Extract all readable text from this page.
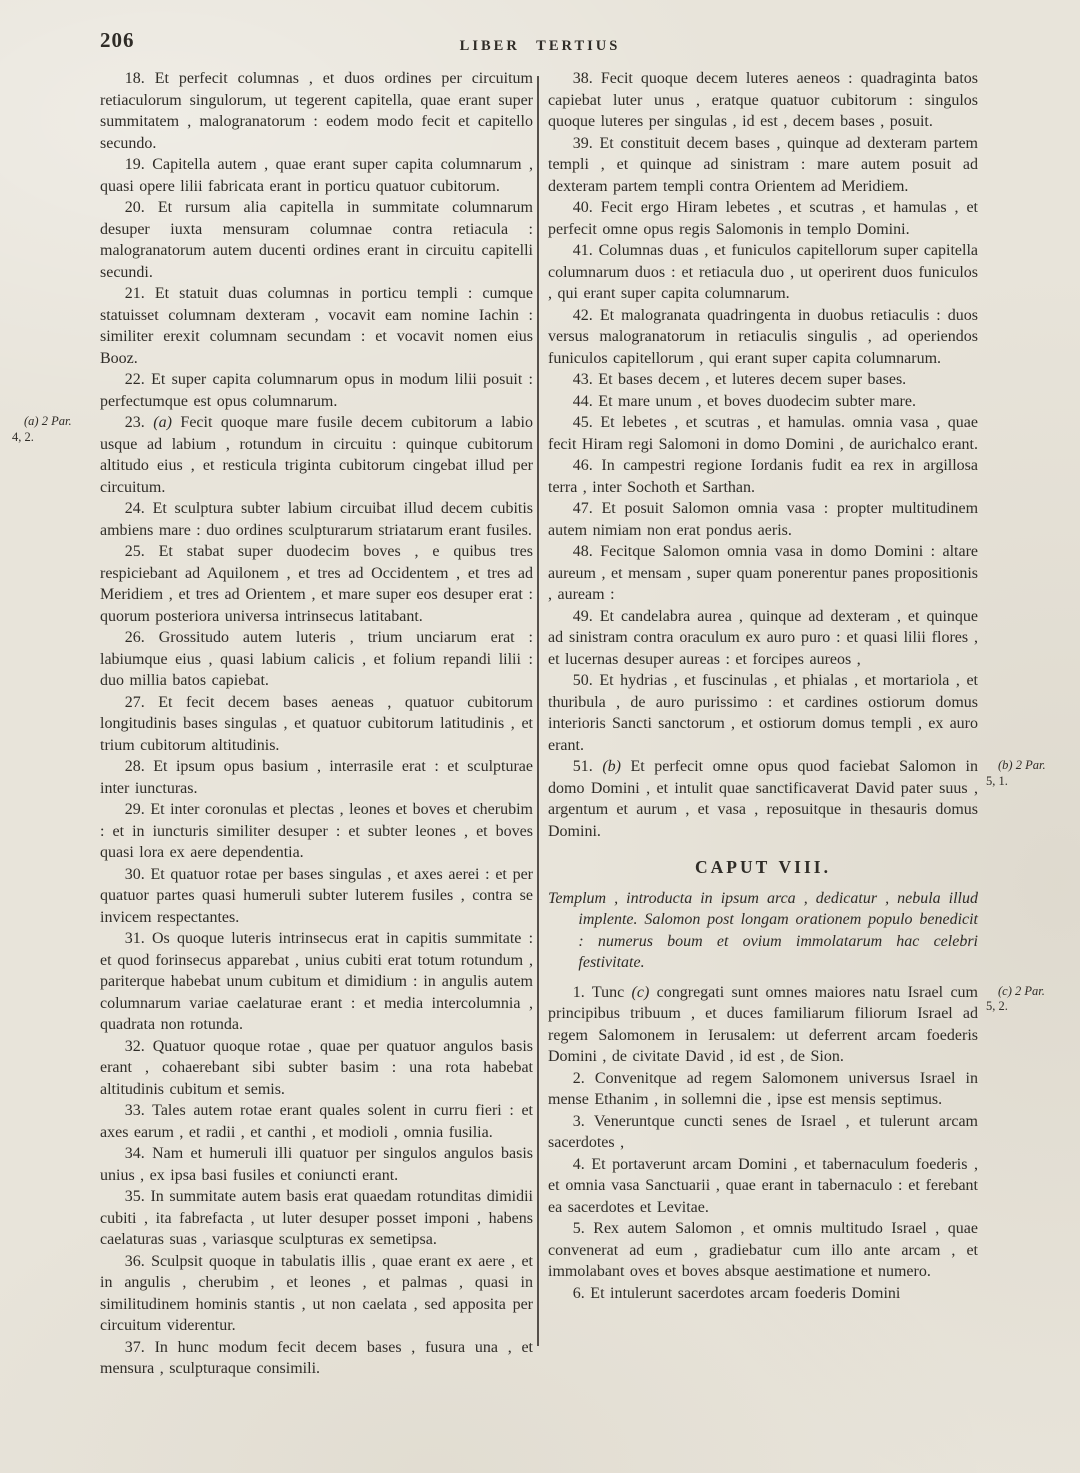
206	LIBER TERTIUS

18. Et perfecit columnas , et duos ordines per circuitum retiaculorum singulorum, ut tegerent capitella, quae erant super summitatem , malogranatorum : eodem modo fecit et capitello secundo.

19. Capitella autem , quae erant super capita columnarum , quasi opere lilii fabricata erant in porticu quatuor cubitorum.

20. Et rursum alia capitella in summitate columnarum desuper iuxta mensuram columnae contra retiacula : malogranatorum autem ducenti ordines erant in circuitu capitelli secundi.

21. Et statuit duas columnas in porticu templi : cumque statuisset columnam dexteram , vocavit eam nomine Iachin : similiter erexit columnam secundam : et vocavit nomen eius Booz.

22. Et super capita columnarum opus in modum lilii posuit : perfectumque est opus columnarum.

23. (a) Fecit quoque mare fusile decem cubitorum a labio usque ad labium , rotundum in circuitu : quinque cubitorum altitudo eius , et resticula triginta cubitorum cingebat illud per circuitum.

24. Et sculptura subter labium circuibat illud decem cubitis ambiens mare : duo ordines sculpturarum striatarum erant fusiles.

25. Et stabat super duodecim boves , e quibus tres respiciebant ad Aquilonem , et tres ad Occidentem , et tres ad Meridiem , et tres ad Orientem , et mare super eos desuper erat : quorum posteriora universa intrinsecus latitabant.

26. Grossitudo autem luteris , trium unciarum erat : labiumque eius , quasi labium calicis , et folium repandi lilii : duo millia batos capiebat.

27. Et fecit decem bases aeneas , quatuor cubitorum longitudinis bases singulas , et quatuor cubitorum latitudinis , et trium cubitorum altitudinis.

28. Et ipsum opus basium , interrasile erat : et sculpturae inter iuncturas.

29. Et inter coronulas et plectas , leones et boves et cherubim : et in iuncturis similiter desuper : et subter leones , et boves quasi lora ex aere dependentia.

30. Et quatuor rotae per bases singulas , et axes aerei : et per quatuor partes quasi humeruli subter luterem fusiles , contra se invicem respectantes.

31. Os quoque luteris intrinsecus erat in capitis summitate : et quod forinsecus apparebat , unius cubiti erat totum rotundum , pariterque habebat unum cubitum et dimidium : in angulis autem columnarum variae caelaturae erant : et media intercolumnia , quadrata non rotunda.

32. Quatuor quoque rotae , quae per quatuor angulos basis erant , cohaerebant sibi subter basim : una rota habebat altitudinis cubitum et semis.

33. Tales autem rotae erant quales solent in curru fieri : et axes earum , et radii , et canthi , et modioli , omnia fusilia.

34. Nam et humeruli illi quatuor per singulos angulos basis unius , ex ipsa basi fusiles et coniuncti erant.

35. In summitate autem basis erat quaedam rotunditas dimidii cubiti , ita fabrefacta , ut luter desuper posset imponi , habens caelaturas suas , variasque sculpturas ex semetipsa.

36. Sculpsit quoque in tabulatis illis , quae erant ex aere , et in angulis , cherubim , et leones , et palmas , quasi in similitudinem hominis stantis , ut non caelata , sed apposita per circuitum viderentur.

37. In hunc modum fecit decem bases , fusura una , et mensura , sculpturaque consimili.

38. Fecit quoque decem luteres aeneos : quadraginta batos capiebat luter unus , eratque quatuor cubitorum : singulos quoque luteres per singulas , id est , decem bases , posuit.

39. Et constituit decem bases , quinque ad dexteram partem templi , et quinque ad sinistram : mare autem posuit ad dexteram partem templi contra Orientem ad Meridiem.

40. Fecit ergo Hiram lebetes , et scutras , et hamulas , et perfecit omne opus regis Salomonis in templo Domini.

41. Columnas duas , et funiculos capitellorum super capitella columnarum duos : et retiacula duo , ut operirent duos funiculos , qui erant super capita columnarum.

42. Et malogranata quadringenta in duobus retiaculis : duos versus malogranatorum in retiaculis singulis , ad operiendos funiculos capitellorum , qui erant super capita columnarum.

43. Et bases decem , et luteres decem super bases.

44. Et mare unum , et boves duodecim subter mare.

45. Et lebetes , et scutras , et hamulas. omnia vasa , quae fecit Hiram regi Salomoni in domo Domini , de aurichalco erant.

46. In campestri regione Iordanis fudit ea rex in argillosa terra , inter Sochoth et Sarthan.

47. Et posuit Salomon omnia vasa : propter multitudinem autem nimiam non erat pondus aeris.

48. Fecitque Salomon omnia vasa in domo Domini : altare aureum , et mensam , super quam ponerentur panes propositionis , auream :

49. Et candelabra aurea , quinque ad dexteram , et quinque ad sinistram contra oraculum ex auro puro : et quasi lilii flores , et lucernas desuper aureas : et forcipes aureos ,

50. Et hydrias , et fuscinulas , et phialas , et mortariola , et thuribula , de auro purissimo : et cardines ostiorum domus interioris Sancti sanctorum , et ostiorum domus templi , ex auro erant.

51. (b) Et perfecit omne opus quod faciebat Salomon in domo Domini , et intulit quae sanctificaverat David pater suus , argentum et aurum , et vasa , reposuitque in thesauris domus Domini.

CAPUT VIII.

Templum , introducta in ipsum arca , dedicatur , nebula illud implente. Salomon post longam orationem populo benedicit : numerus boum et ovium immolatarum hac celebri festivitate.

1. Tunc (c) congregati sunt omnes maiores natu Israel cum principibus tribuum , et duces familiarum filiorum Israel ad regem Salomonem in Ierusalem: ut deferrent arcam foederis Domini , de civitate David , id est , de Sion.

2. Convenitque ad regem Salomonem universus Israel in mense Ethanim , in sollemni die , ipse est mensis septimus.

3. Veneruntque cuncti senes de Israel , et tulerunt arcam sacerdotes ,

4. Et portaverunt arcam Domini , et tabernaculum foederis , et omnia vasa Sanctuarii , quae erant in tabernaculo : et ferebant ea sacerdotes et Levitae.

5. Rex autem Salomon , et omnis multitudo Israel , quae convenerat ad eum , gradiebatur cum illo ante arcam , et immolabant oves et boves absque aestimatione et numero.

6. Et intulerunt sacerdotes arcam foederis Domini

(a) 2 Par.
4, 2.
(b) 2 Par.
5, 1.
(c) 2 Par.
5, 2.
